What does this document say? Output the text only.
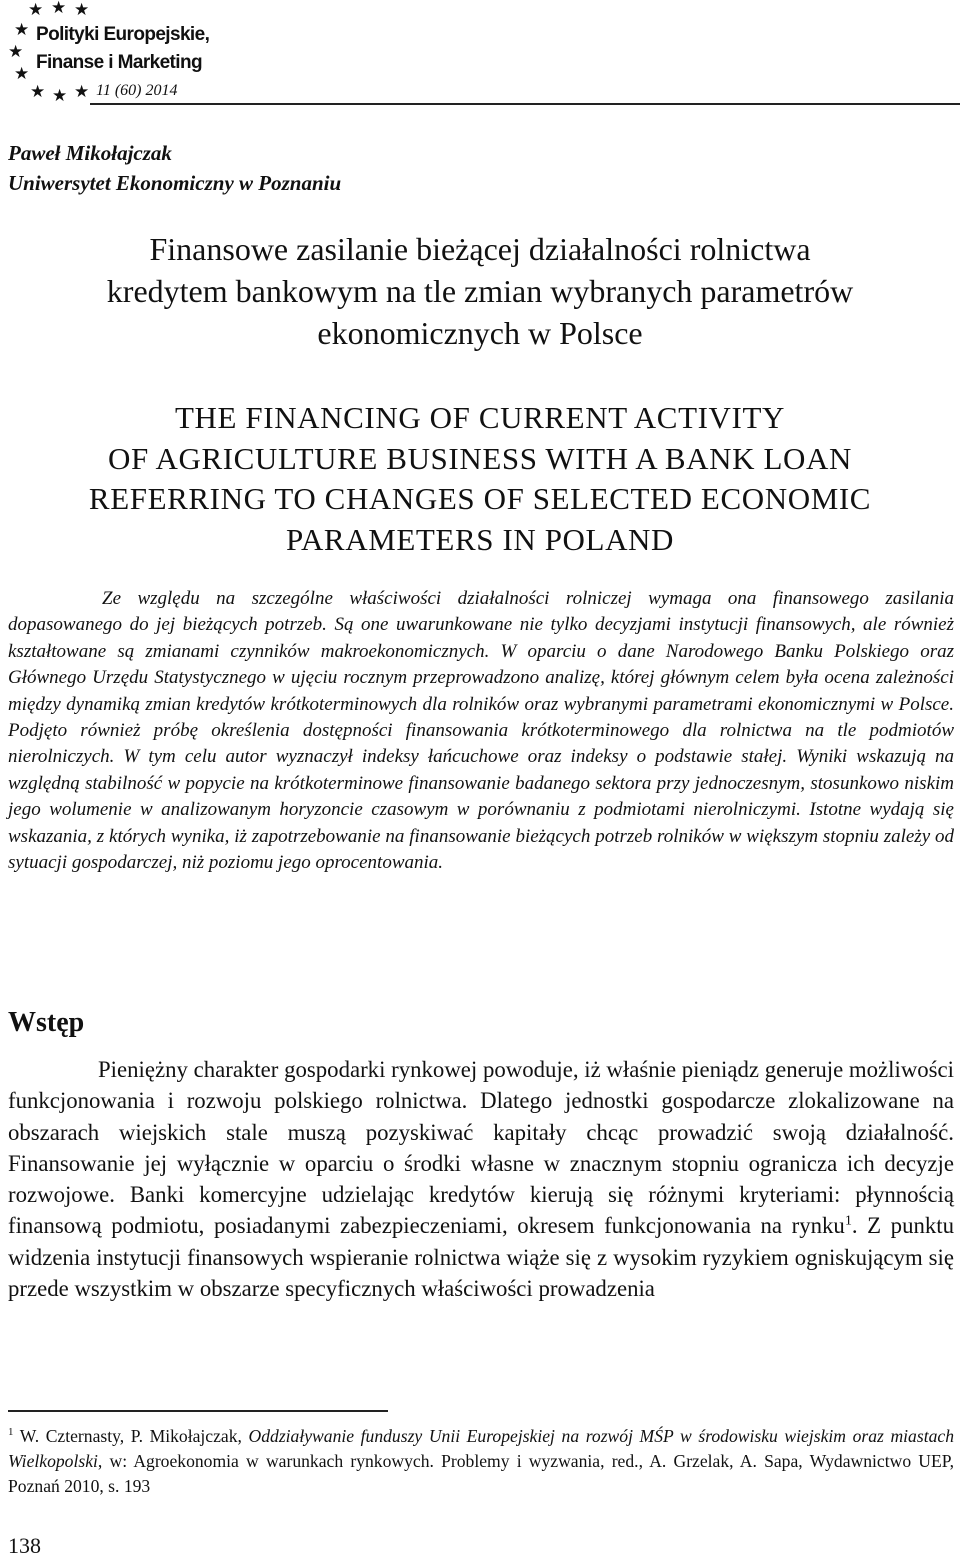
★ ★ ★
★
★
★
★ ★ ★
Polityki Europejskie,
Finanse i Marketing
11 (60) 2014
Paweł Mikołajczak
Uniwersytet Ekonomiczny w Poznaniu
Finansowe zasilanie bieżącej działalności rolnictwa
kredytem bankowym na tle zmian wybranych parametrów
ekonomicznych w Polsce
THE FINANCING OF CURRENT ACTIVITY
OF AGRICULTURE BUSINESS WITH A BANK LOAN
REFERRING TO CHANGES OF SELECTED ECONOMIC
PARAMETERS IN POLAND

Ze względu na szczególne właściwości działalności rolniczej wymaga ona finansowego zasilania dopasowanego do jej bieżących potrzeb. Są one uwarunkowane nie tylko decyzjami instytucji finansowych, ale również kształtowane są zmianami czynników makroekonomicznych. W oparciu o dane Narodowego Banku Polskiego oraz Głównego Urzędu Statystycznego w ujęciu rocznym przeprowadzono analizę, której głównym celem była ocena zależności między dynamiką zmian kredytów krótkoterminowych dla rolników oraz wybranymi parametrami ekonomicznymi w Polsce. Podjęto również próbę określenia dostępności finansowania krótkoterminowego dla rolnictwa na tle podmiotów nierolniczych. W tym celu autor wyznaczył indeksy łańcuchowe oraz indeksy o podstawie stałej. Wyniki wskazują na względną stabilność w popycie na krótkoterminowe finansowanie badanego sektora przy jednoczesnym, stosunkowo niskim jego wolumenie w analizowanym horyzoncie czasowym w porównaniu z podmiotami nierolniczymi. Istotne wydają się wskazania, z których wynika, iż zapotrzebowanie na finansowanie bieżących potrzeb rolników w większym stopniu zależy od sytuacji gospodarczej, niż poziomu jego oprocentowania.

Wstęp

Pieniężny charakter gospodarki rynkowej powoduje, iż właśnie pieniądz generuje możliwości funkcjonowania i rozwoju polskiego rolnictwa. Dlatego jednostki gospodarcze zlokalizowane na obszarach wiejskich stale muszą pozyskiwać kapitały chcąc prowadzić swoją działalność. Finansowanie jej wyłącznie w oparciu o środki własne w znacznym stopniu ogranicza ich decyzje rozwojowe. Banki komercyjne udzielając kredytów kierują się różnymi kryteriami: płynnością finansową podmiotu, posiadanymi zabezpieczeniami, okresem funkcjonowania na rynku$^1$. Z punktu widzenia instytucji finansowych wspieranie rolnictwa wiąże się z wysokim ryzykiem ogniskującym się przede wszystkim w obszarze specyficznych właściwości prowadzenia

$^1$ W. Czternasty, P. Mikołajczak, Oddziaływanie funduszy Unii Europejskiej na rozwój MŚP w środowisku wiejskim oraz miastach Wielkopolski, w: Agroekonomia w warunkach rynkowych. Problemy i wyzwania, red., A. Grzelak, A. Sapa, Wydawnictwo UEP, Poznań 2010, s. 193

138
